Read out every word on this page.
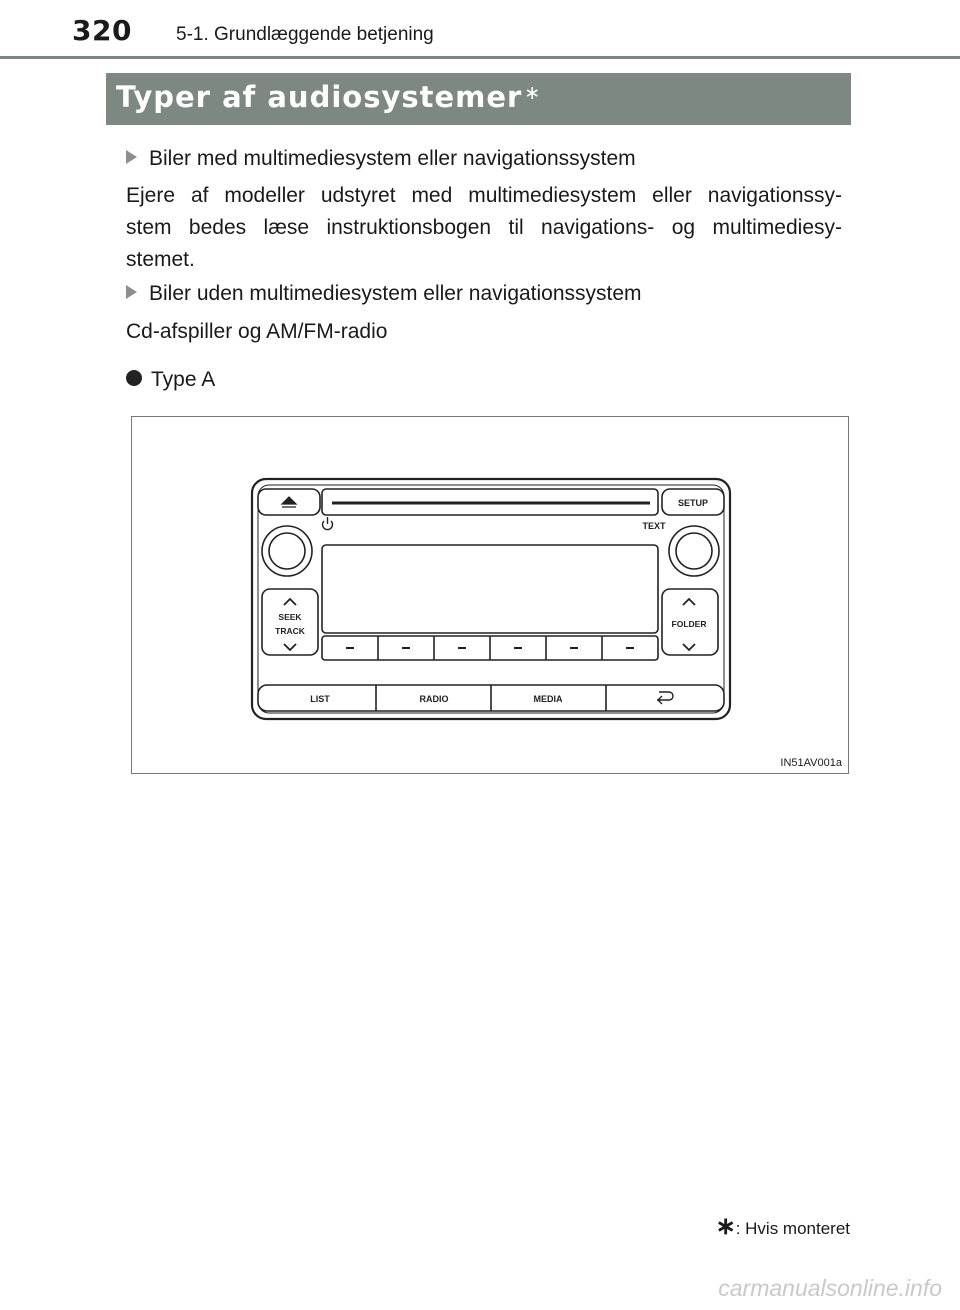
320 5-1. Grundlæggende betjening
Typer af audiosystemer ∗
Biler med multimediesystem eller navigationssystem
Ejere af modeller udstyret med multimediesystem eller navigationssy-
stem bedes læse instruktionsbogen til navigations- og multimediesy-
stemet.
Biler uden multimediesystem eller navigationssystem
Cd-afspiller og AM/FM-radio
Type A
SETUP
TEXT
SEEK
TRACK
FOLDER
LIST	RADIO	MEDIA
IN51AV001a
∗: Hvis monteret
carmanualsonline.info
